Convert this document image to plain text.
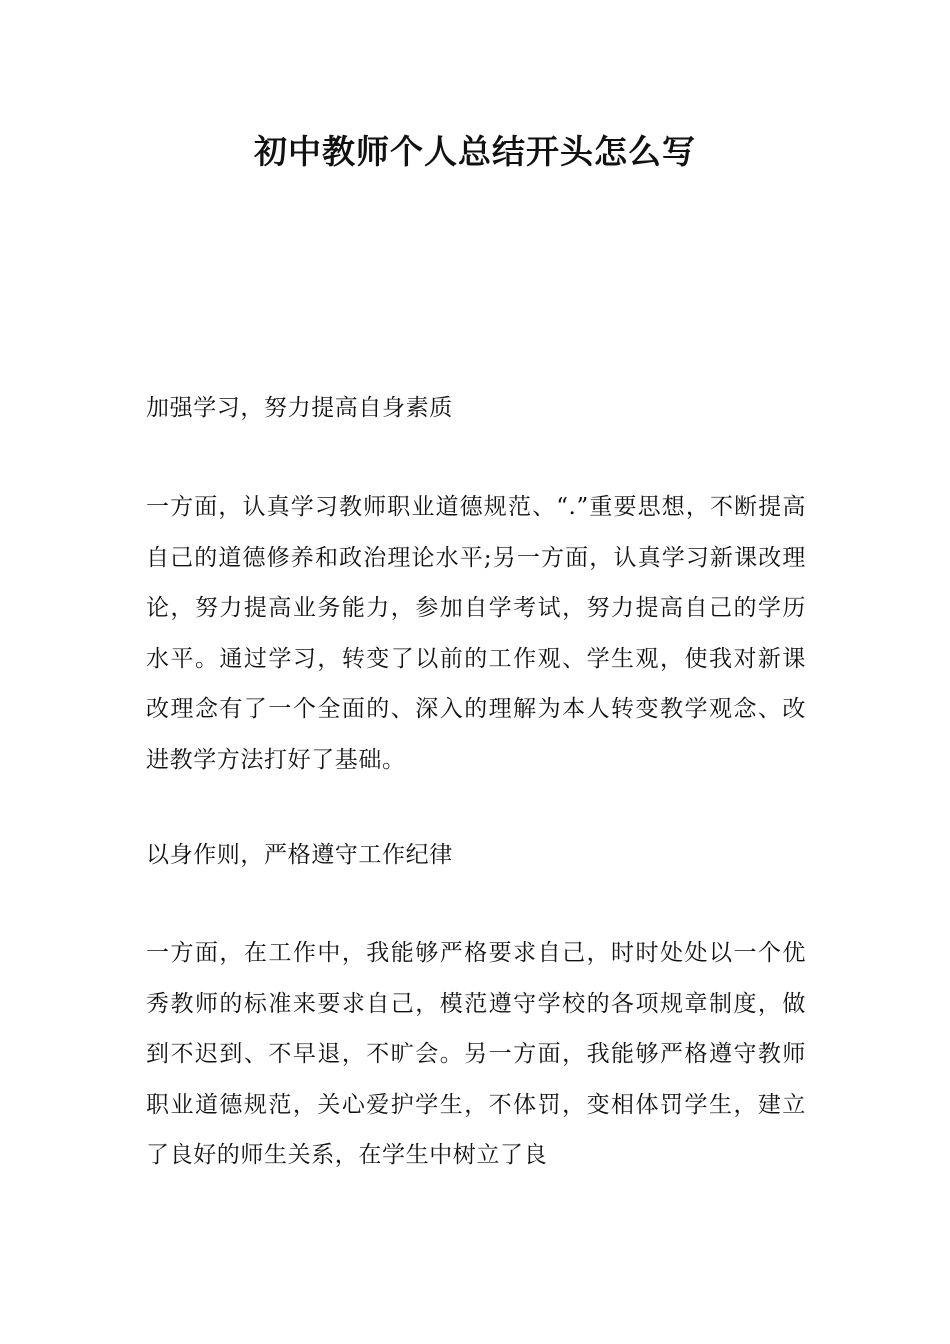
初中教师个人总结开头怎么写

加强学习，努力提高自身素质

一方面，认真学习教师职业道德规范、“.”重要思想，不断提高自己的道德修养和政治理论水平;另一方面，认真学习新课改理论，努力提高业务能力，参加自学考试，努力提高自己的学历水平。通过学习，转变了以前的工作观、学生观，使我对新课改理念有了一个全面的、深入的理解为本人转变教学观念、改进教学方法打好了基础。

以身作则，严格遵守工作纪律

一方面，在工作中，我能够严格要求自己，时时处处以一个优秀教师的标准来要求自己，模范遵守学校的各项规章制度，做到不迟到、不早退，不旷会。另一方面，我能够严格遵守教师职业道德规范，关心爱护学生，不体罚，变相体罚学生，建立了良好的师生关系，在学生中树立了良
